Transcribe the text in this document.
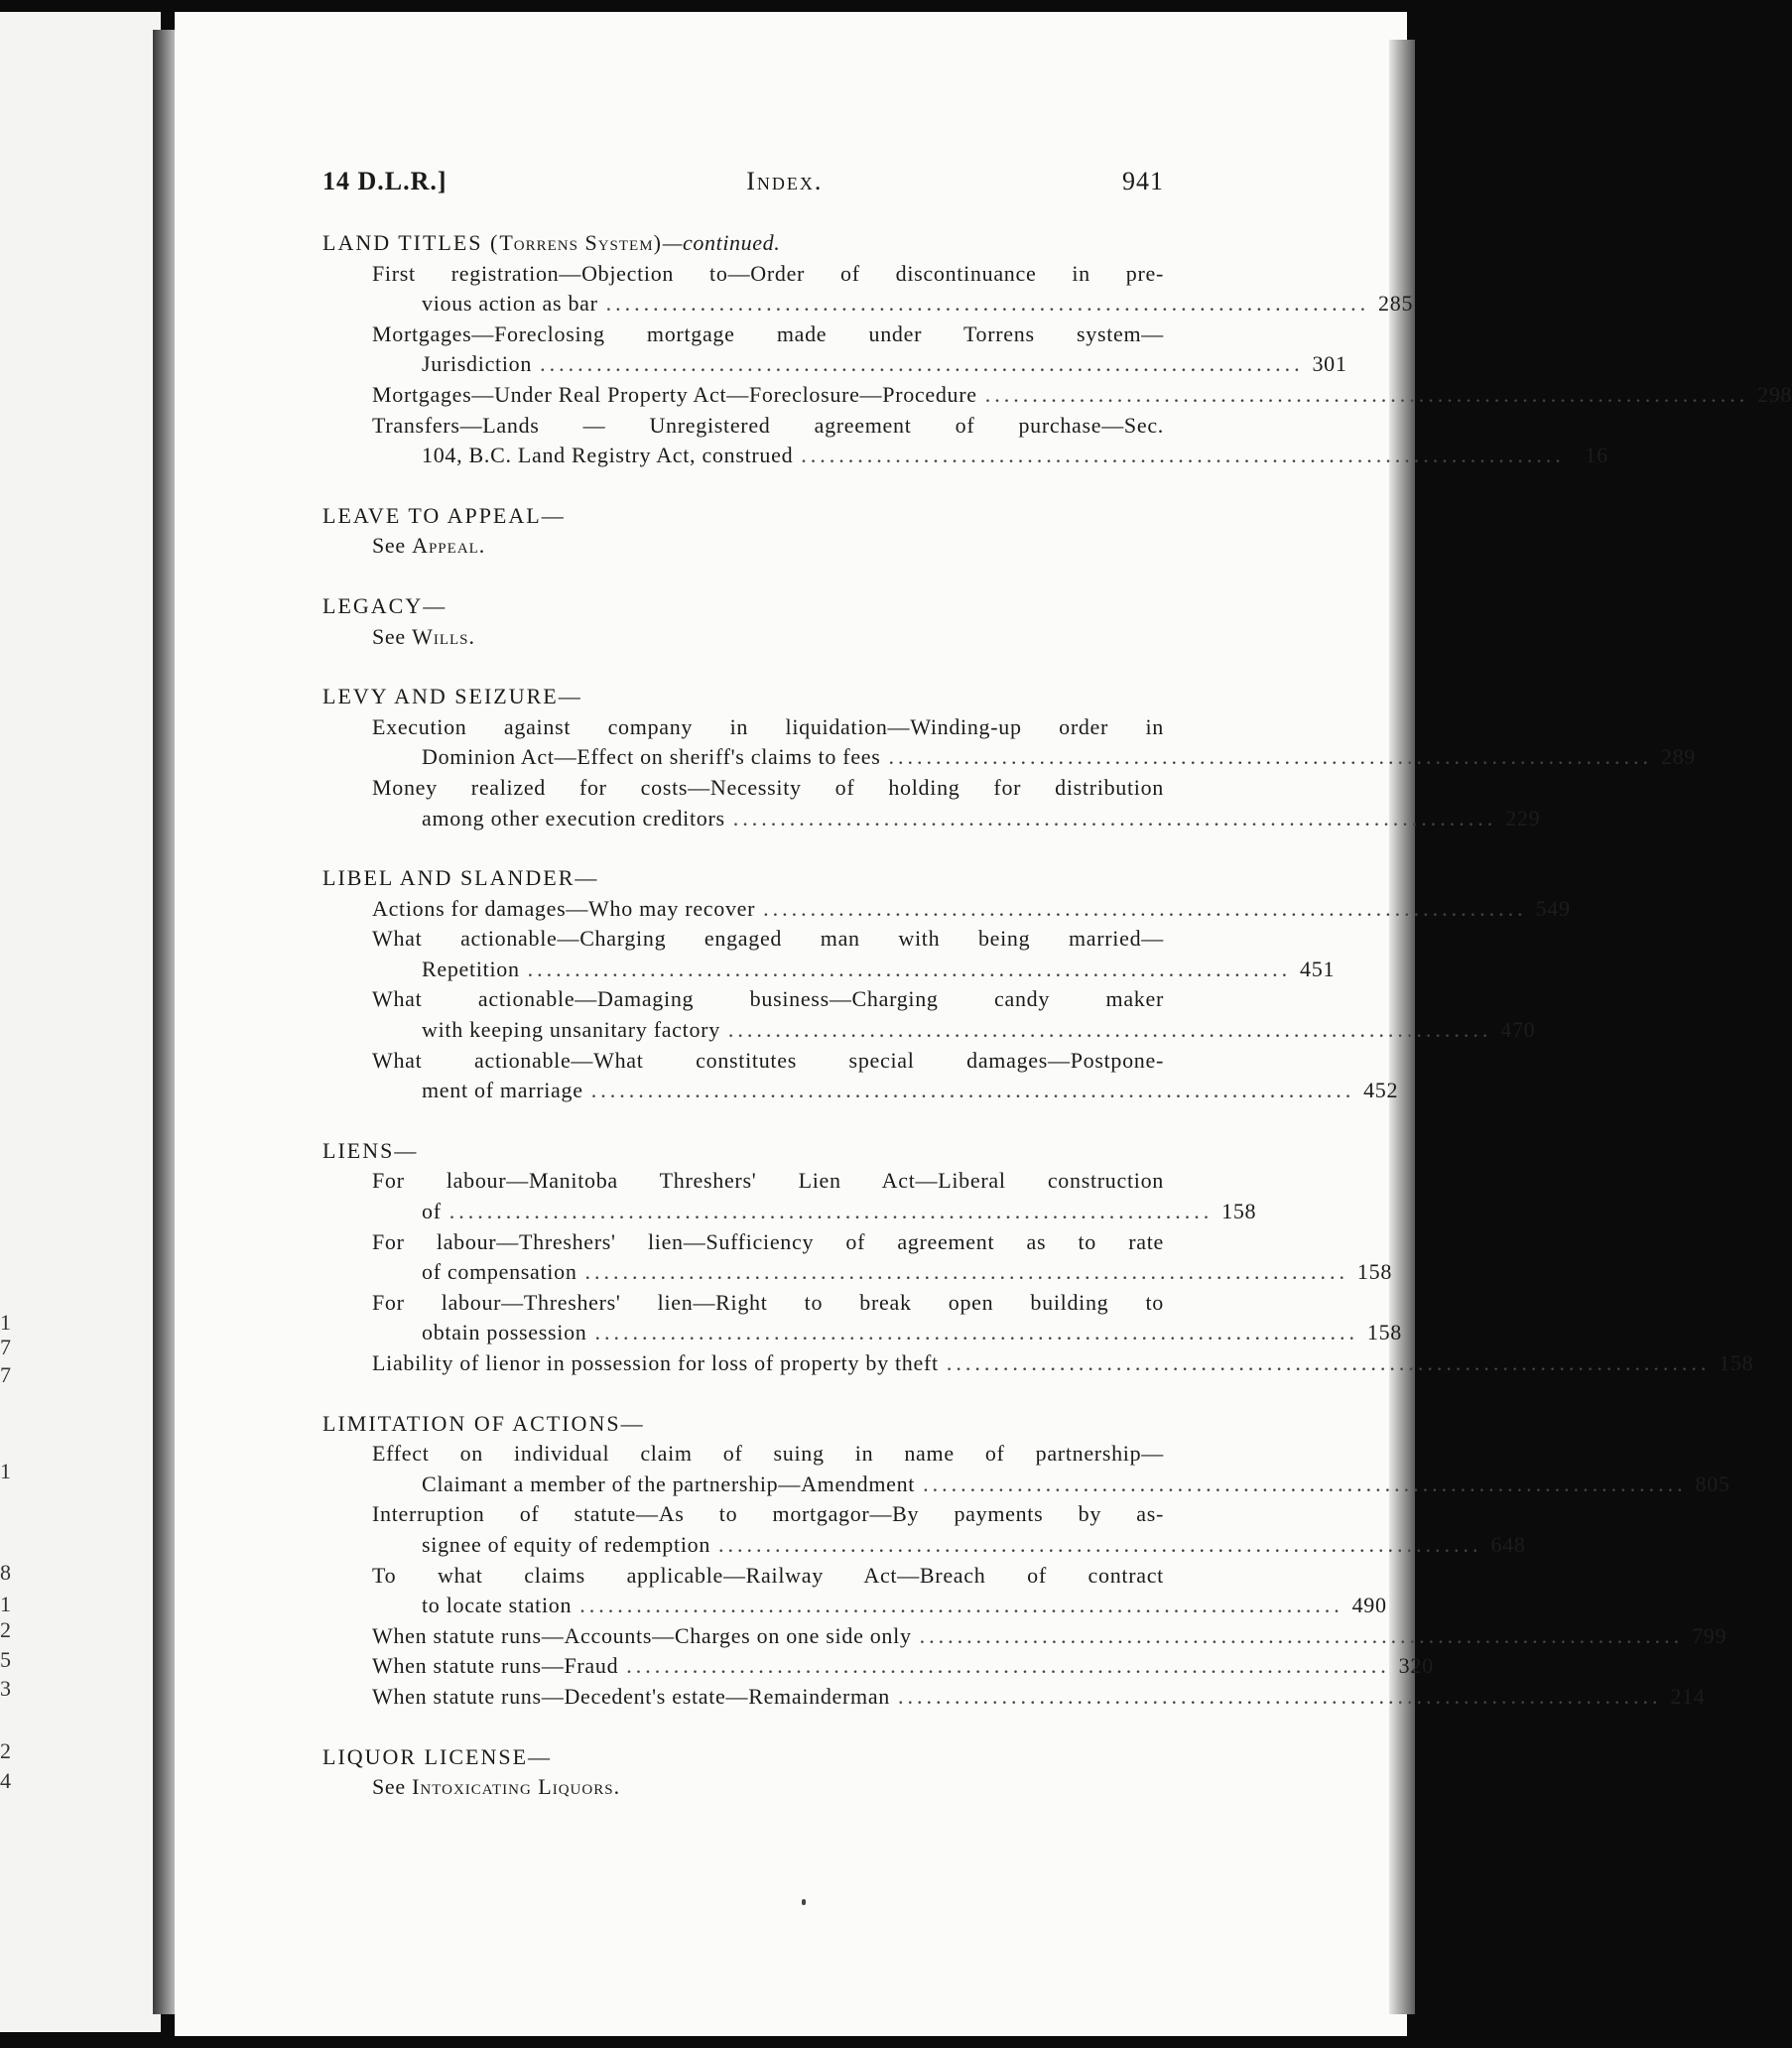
1
7
7
1
8
1
2
5
3
2
4
14 D.L.R.]	Index.	941
LAND TITLES (Torrens System)—continued.
First registration—Objection to—Order of discontinuance in pre-
vious action as bar ................................................................................. 285
Mortgages—Foreclosing mortgage made under Torrens system—
Jurisdiction ................................................................................. 301
Mortgages—Under Real Property Act—Foreclosure—Procedure ................................................................................. 298
Transfers—Lands — Unregistered agreement of purchase—Sec.
104, B.C. Land Registry Act, construed ................................................................................. 16
LEAVE TO APPEAL—
See Appeal.
LEGACY—
See Wills.
LEVY AND SEIZURE—
Execution against company in liquidation—Winding-up order in
Dominion Act—Effect on sheriff's claims to fees ................................................................................. 289
Money realized for costs—Necessity of holding for distribution
among other execution creditors ................................................................................. 229
LIBEL AND SLANDER—
Actions for damages—Who may recover ................................................................................. 549
What actionable—Charging engaged man with being married—
Repetition ................................................................................. 451
What actionable—Damaging business—Charging candy maker
with keeping unsanitary factory ................................................................................. 470
What actionable—What constitutes special damages—Postpone-
ment of marriage ................................................................................. 452
LIENS—
For labour—Manitoba Threshers' Lien Act—Liberal construction
of ................................................................................. 158
For labour—Threshers' lien—Sufficiency of agreement as to rate
of compensation ................................................................................. 158
For labour—Threshers' lien—Right to break open building to
obtain possession ................................................................................. 158
Liability of lienor in possession for loss of property by theft ................................................................................. 158
LIMITATION OF ACTIONS—
Effect on individual claim of suing in name of partnership—
Claimant a member of the partnership—Amendment ................................................................................. 805
Interruption of statute—As to mortgagor—By payments by as-
signee of equity of redemption ................................................................................. 648
To what claims applicable—Railway Act—Breach of contract
to locate station ................................................................................. 490
When statute runs—Accounts—Charges on one side only ................................................................................. 799
When statute runs—Fraud ................................................................................. 320
When statute runs—Decedent's estate—Remainderman ................................................................................. 214
LIQUOR LICENSE—
See Intoxicating Liquors.
